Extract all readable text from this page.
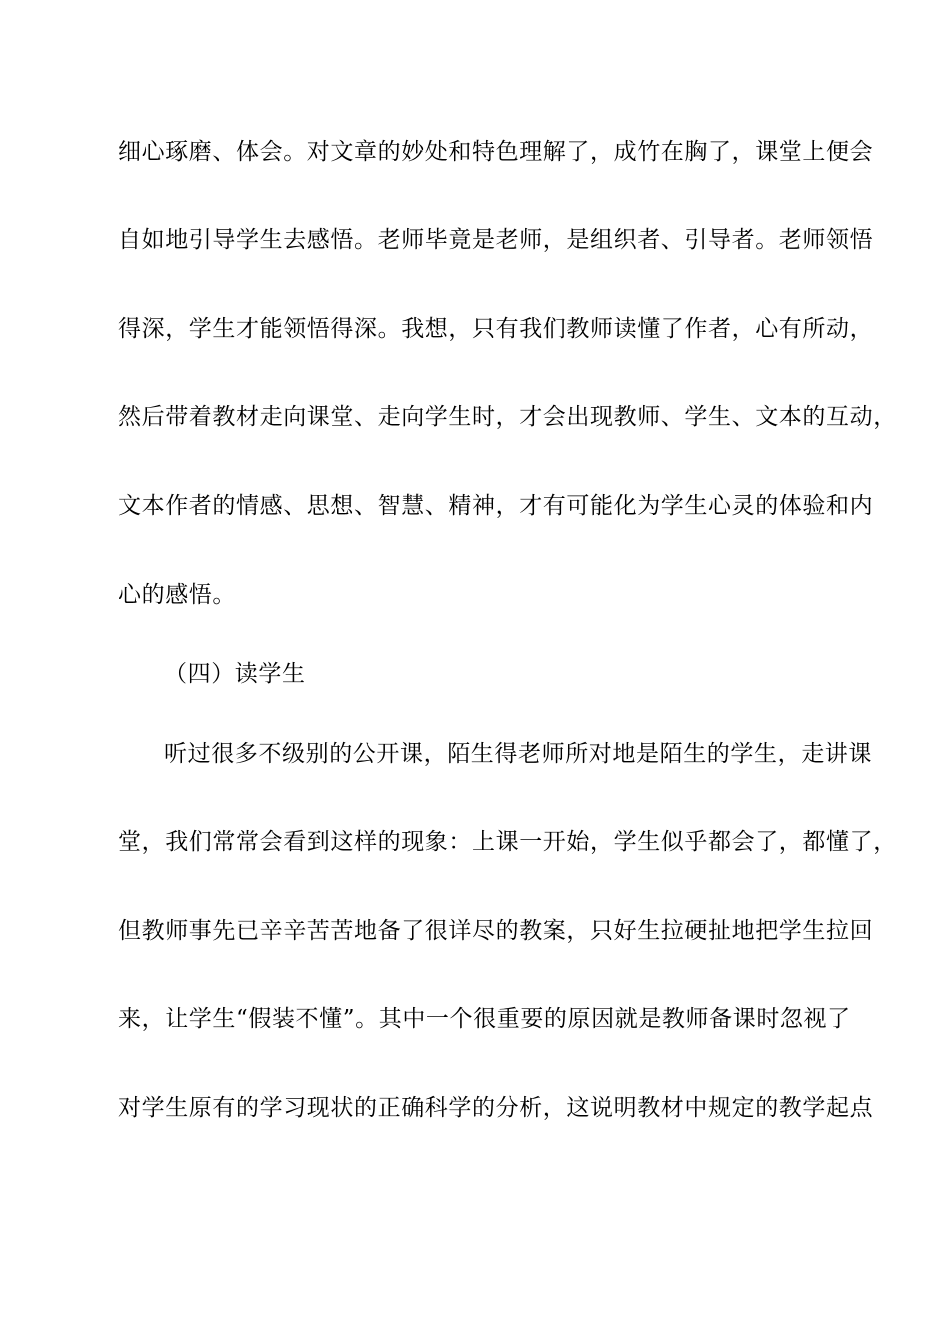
细心琢磨、体会。对文章的妙处和特色理解了，成竹在胸了，课堂上便会
自如地引导学生去感悟。老师毕竟是老师，是组织者、引导者。老师领悟
得深，学生才能领悟得深。我想，只有我们教师读懂了作者，心有所动，
然后带着教材走向课堂、走向学生时，才会出现教师、学生、文本的互动，
文本作者的情感、思想、智慧、精神，才有可能化为学生心灵的体验和内
心的感悟。
（四）读学生
听过很多不级别的公开课，陌生得老师所对地是陌生的学生，走讲课
堂，我们常常会看到这样的现象：上课一开始，学生似乎都会了，都懂了，
但教师事先已辛辛苦苦地备了很详尽的教案，只好生拉硬扯地把学生拉回
来，让学生“假装不懂”。其中一个很重要的原因就是教师备课时忽视了
对学生原有的学习现状的正确科学的分析，这说明教材中规定的教学起点
